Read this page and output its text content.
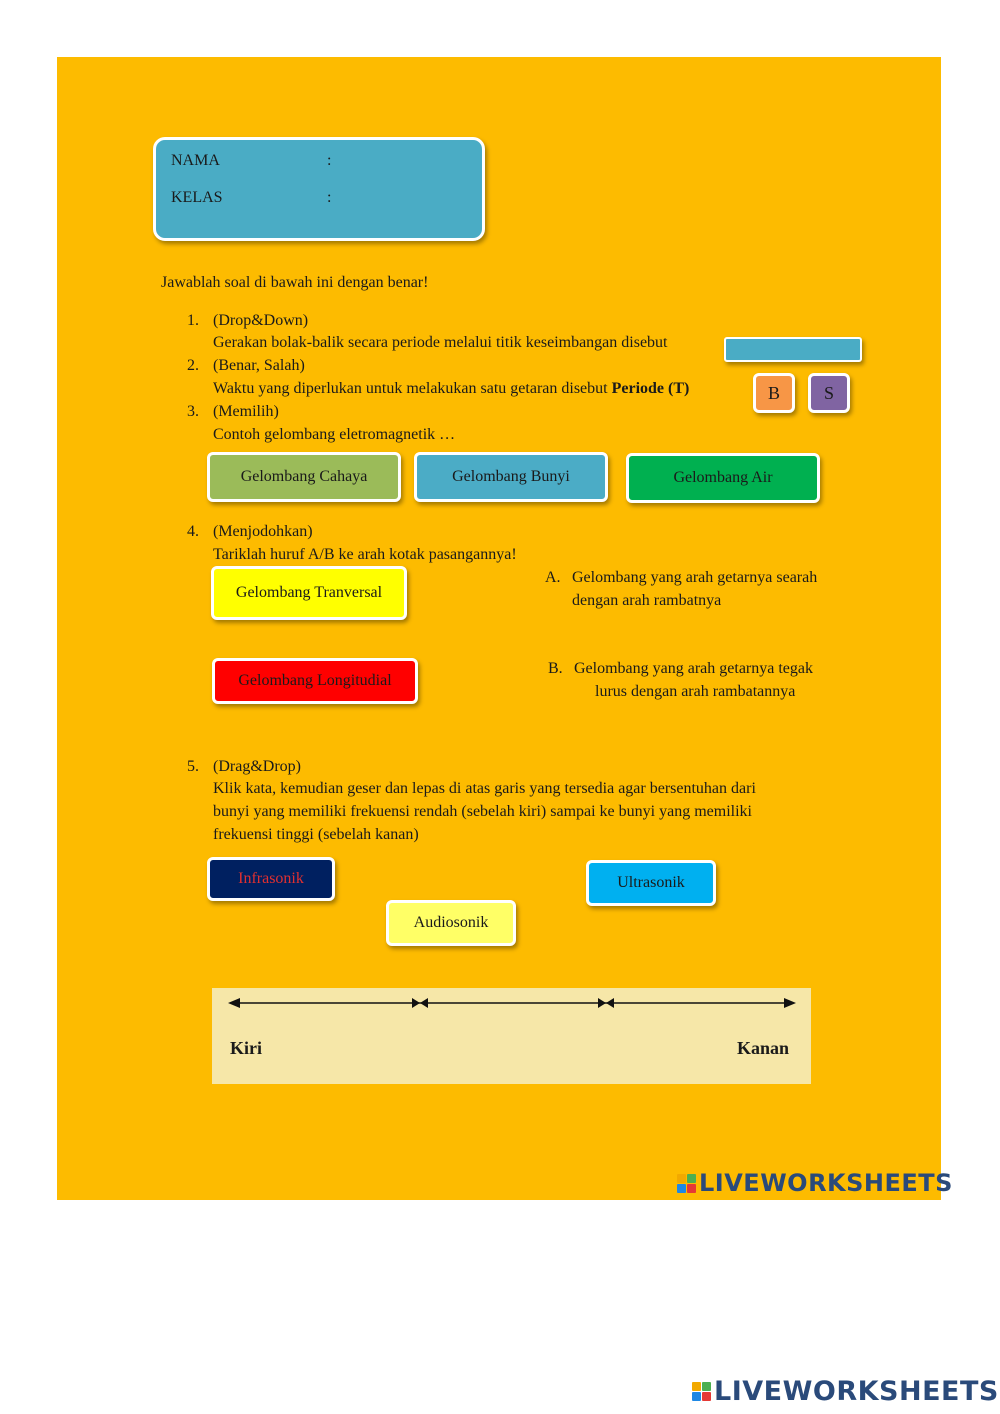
NAMA	:
KELAS	:
Jawablah soal di bawah ini dengan benar!
1. (Drop&Down)
Gerakan bolak-balik secara periode melalui titik keseimbangan disebut
2. (Benar, Salah)
Waktu yang diperlukan untuk melakukan satu getaran disebut Periode (T)	B	S
3. (Memilih)
Contoh gelombang eletromagnetik …
Gelombang Cahaya	Gelombang Bunyi	Gelombang Air
4. (Menjodohkan)
Tariklah huruf A/B ke arah kotak pasangannya!
Gelombang Tranversal
Gelombang Longitudial
A. Gelombang yang arah getarnya searah
dengan arah rambatnya
B. Gelombang yang arah getarnya tegak
lurus dengan arah rambatannya
5. (Drag&Drop)
Klik kata, kemudian geser dan lepas di atas garis yang tersedia agar bersentuhan dari
bunyi yang memiliki frekuensi rendah (sebelah kiri) sampai ke bunyi yang memiliki
frekuensi tinggi (sebelah kanan)
Infrasonik	Ultrasonik
Audiosonik
Kiri	Kanan
LIVEWORKSHEETS
LIVEWORKSHEETS
